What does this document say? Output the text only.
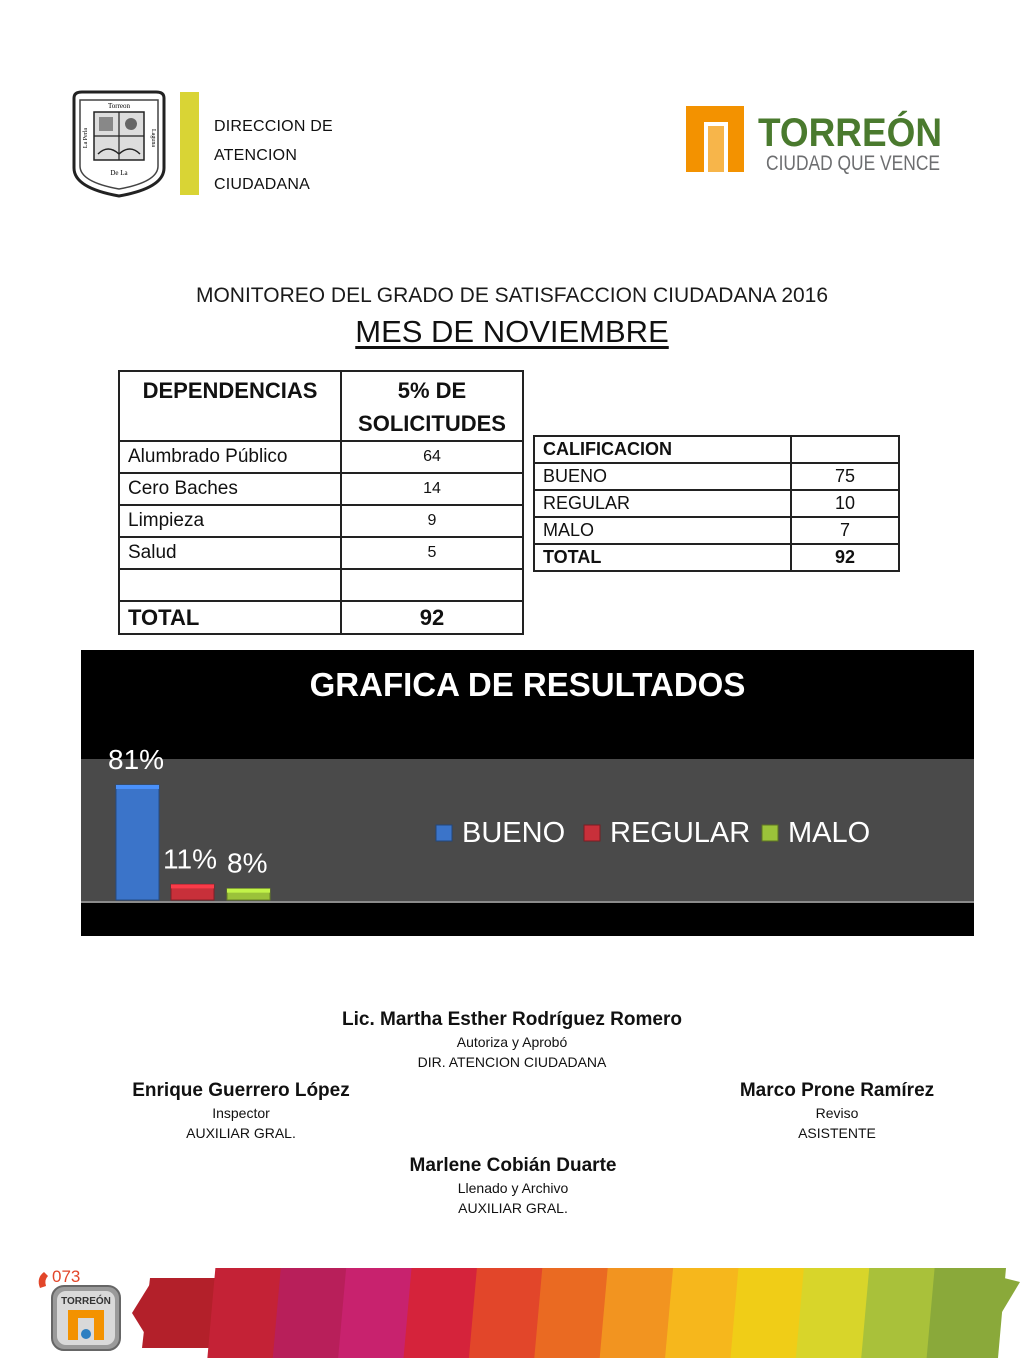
Torreon
De La
La Perla	Laguna
DIRECCION DE
ATENCION
CIUDADANA
TORREÓN
CIUDAD QUE VENCE
MONITOREO DEL GRADO DE SATISFACCION CIUDADANA 2016
MES DE NOVIEMBRE
DEPENDENCIAS	5% DE
SOLICITUDES

Alumbrado Público	64
Cero Baches	14
Limpieza	9
Salud	5

TOTAL	92
CALIFICACION	
BUENO	75
REGULAR	10
MALO	7
TOTAL	92
GRAFICA DE RESULTADOS
81%
11% 8%
BUENO REGULAR MALO
Lic. Martha Esther Rodríguez Romero
Autoriza y Aprobó
DIR. ATENCION CIUDADANA
Enrique Guerrero López
Inspector
AUXILIAR GRAL.
Marco Prone Ramírez
Reviso
ASISTENTE
Marlene Cobián Duarte
Llenado y Archivo
AUXILIAR GRAL.
073
TORREÓN
